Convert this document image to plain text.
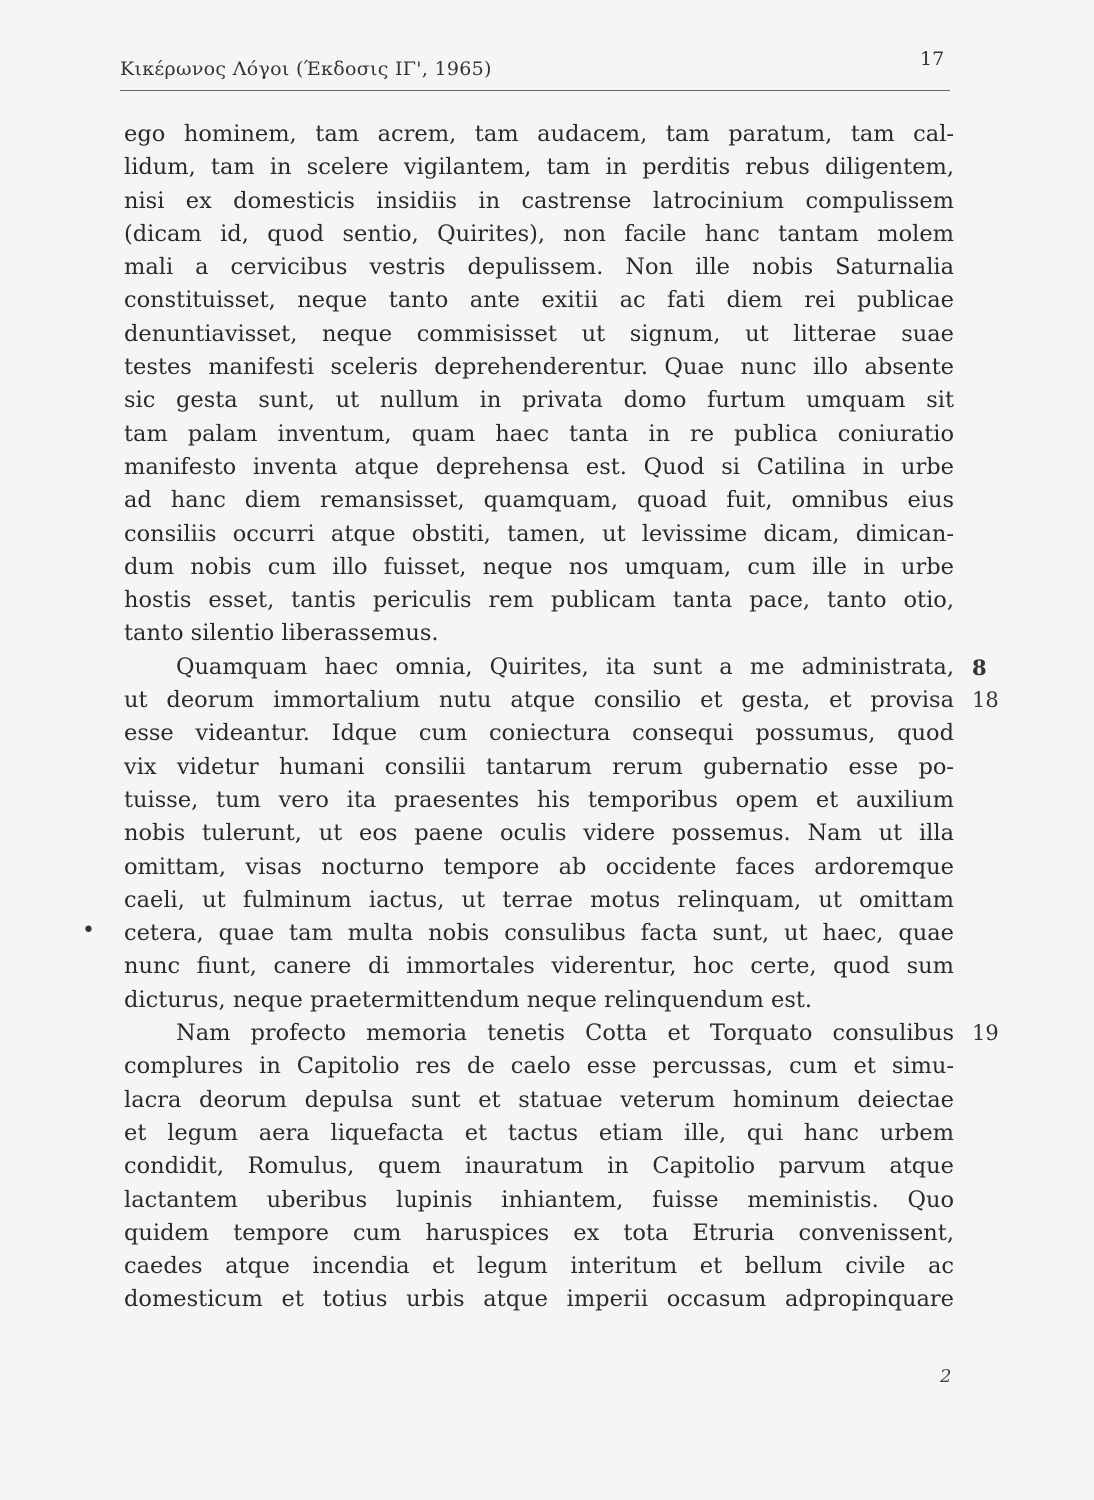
Κικέρωνος Λόγοι (Έκδοσις ΙΓ', 1965)	17
•
ego hominem, tam acrem, tam audacem, tam paratum, tam cal-
lidum, tam in scelere vigilantem, tam in perditis rebus diligentem,
nisi ex domesticis insidiis in castrense latrocinium compulissem
(dicam id, quod sentio, Quirites), non facile hanc tantam molem
mali a cervicibus vestris depulissem. Non ille nobis Saturnalia
constituisset, neque tanto ante exitii ac fati diem rei publicae
denuntiavisset, neque commisisset ut signum, ut litterae suae
testes manifesti sceleris deprehenderentur. Quae nunc illo absente
sic gesta sunt, ut nullum in privata domo furtum umquam sit
tam palam inventum, quam haec tanta in re publica coniuratio
manifesto inventa atque deprehensa est. Quod si Catilina in urbe
ad hanc diem remansisset, quamquam, quoad fuit, omnibus eius
consiliis occurri atque obstiti, tamen, ut levissime dicam, dimican-
dum nobis cum illo fuisset, neque nos umquam, cum ille in urbe
hostis esset, tantis periculis rem publicam tanta pace, tanto otio,
tanto silentio liberassemus.
Quamquam haec omnia, Quirites, ita sunt a me administrata, 8
ut deorum immortalium nutu atque consilio et gesta, et provisa 18
esse videantur. Idque cum coniectura consequi possumus, quod
vix videtur humani consilii tantarum rerum gubernatio esse po-
tuisse, tum vero ita praesentes his temporibus opem et auxilium
nobis tulerunt, ut eos paene oculis videre possemus. Nam ut illa
omittam, visas nocturno tempore ab occidente faces ardoremque
caeli, ut fulminum iactus, ut terrae motus relinquam, ut omittam
cetera, quae tam multa nobis consulibus facta sunt, ut haec, quae
nunc fiunt, canere di immortales viderentur, hoc certe, quod sum
dicturus, neque praetermittendum neque relinquendum est.
Nam profecto memoria tenetis Cotta et Torquato consulibus 19
complures in Capitolio res de caelo esse percussas, cum et simu-
lacra deorum depulsa sunt et statuae veterum hominum deiectae
et legum aera liquefacta et tactus etiam ille, qui hanc urbem
condidit, Romulus, quem inauratum in Capitolio parvum atque
lactantem uberibus lupinis inhiantem, fuisse meministis. Quo
quidem tempore cum haruspices ex tota Etruria convenissent,
caedes atque incendia et legum interitum et bellum civile ac
domesticum et totius urbis atque imperii occasum adpropinquare
2
